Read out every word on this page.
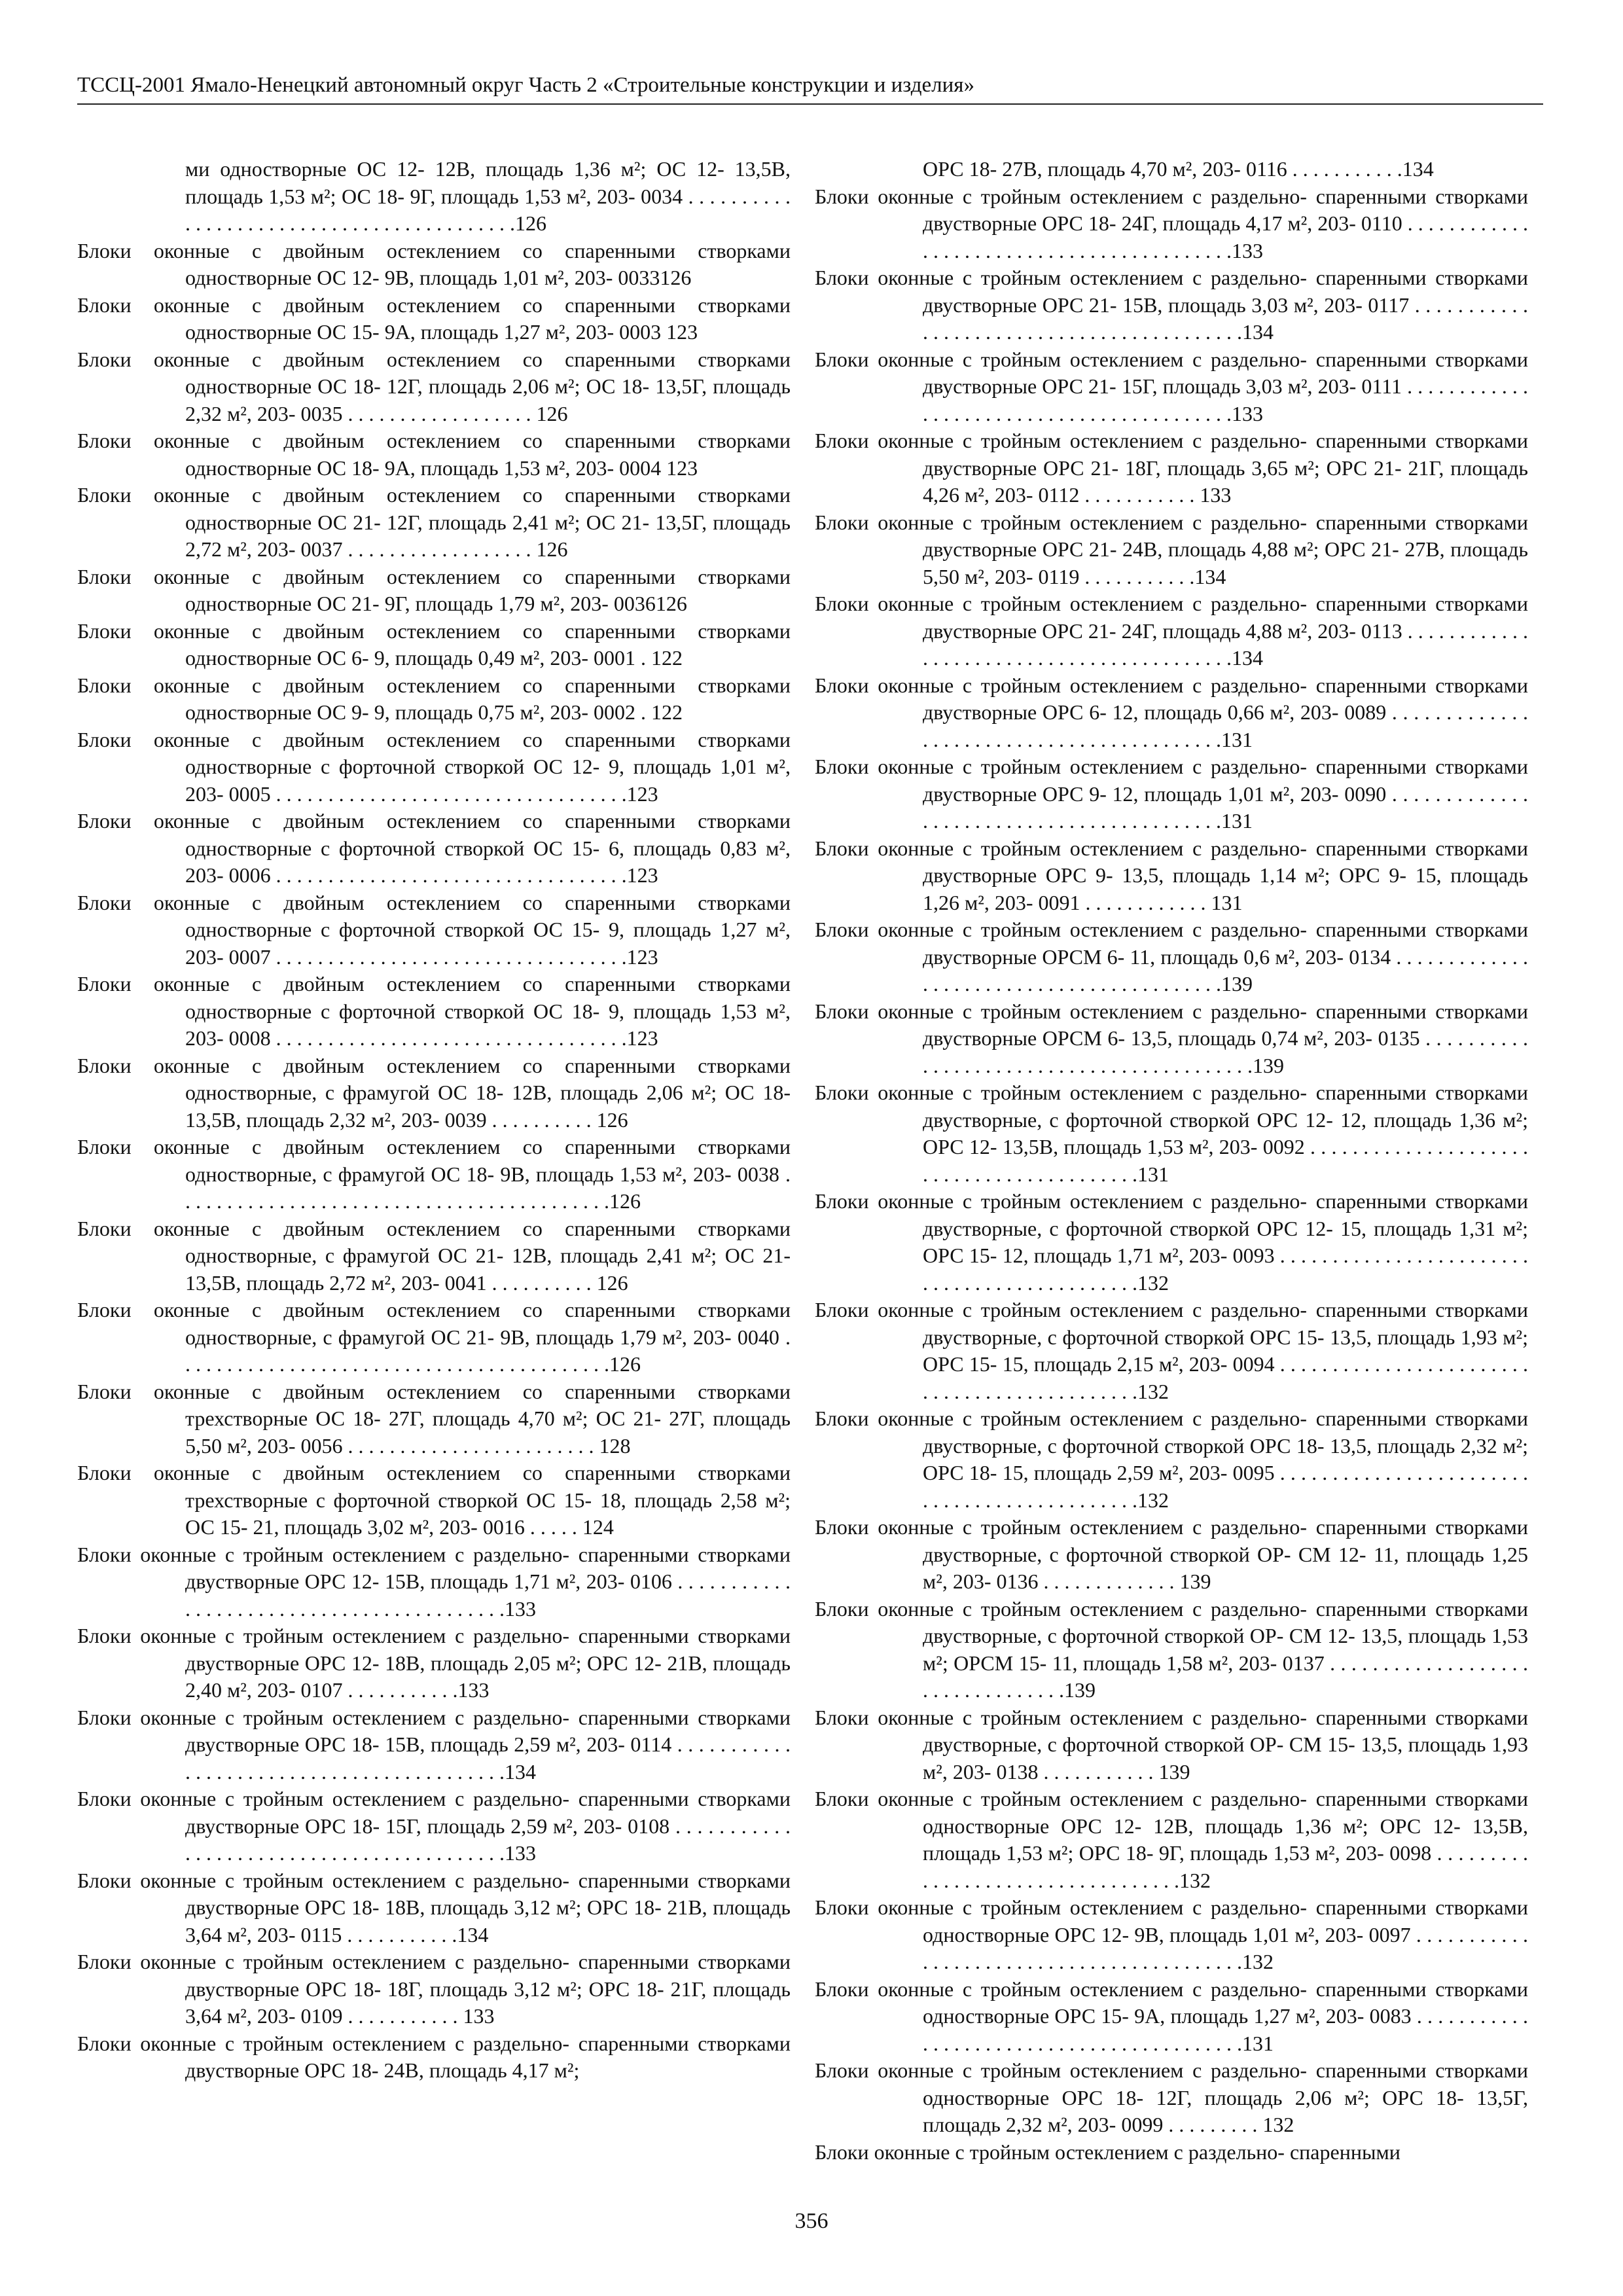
ТССЦ-2001 Ямало-Ненецкий автономный округ Часть 2 «Строительные конструкции и изделия»

ми одностворные ОС 12- 12В, площадь 1,36 м²; ОС 12- 13,5В, площадь 1,53 м²; ОС 18- 9Г, площадь 1,53 м², 203- 0034 . . . . . . . . . . . . . . . . . . . . . . . . . . . . . . . . . . . . . . . . . .126

Блоки оконные с двойным остеклением со спаренными створками одностворные ОС 12- 9В, площадь 1,01 м², 203- 0033126

Блоки оконные с двойным остеклением со спаренными створками одностворные ОС 15- 9А, площадь 1,27 м², 203- 0003 123

Блоки оконные с двойным остеклением со спаренными створками одностворные ОС 18- 12Г, площадь 2,06 м²; ОС 18- 13,5Г, площадь 2,32 м², 203- 0035 . . . . . . . . . . . . . . . . . . 126

Блоки оконные с двойным остеклением со спаренными створками одностворные ОС 18- 9А, площадь 1,53 м², 203- 0004 123

Блоки оконные с двойным остеклением со спаренными створками одностворные ОС 21- 12Г, площадь 2,41 м²; ОС 21- 13,5Г, площадь 2,72 м², 203- 0037 . . . . . . . . . . . . . . . . . . 126

Блоки оконные с двойным остеклением со спаренными створками одностворные ОС 21- 9Г, площадь 1,79 м², 203- 0036126

Блоки оконные с двойным остеклением со спаренными створками одностворные ОС 6- 9, площадь 0,49 м², 203- 0001 . 122

Блоки оконные с двойным остеклением со спаренными створками одностворные ОС 9- 9, площадь 0,75 м², 203- 0002 . 122

Блоки оконные с двойным остеклением со спаренными створками одностворные с форточной створкой ОС 12- 9, площадь 1,01 м², 203- 0005 . . . . . . . . . . . . . . . . . . . . . . . . . . . . . . . . . .123

Блоки оконные с двойным остеклением со спаренными створками одностворные с форточной створкой ОС 15- 6, площадь 0,83 м², 203- 0006 . . . . . . . . . . . . . . . . . . . . . . . . . . . . . . . . . .123

Блоки оконные с двойным остеклением со спаренными створками одностворные с форточной створкой ОС 15- 9, площадь 1,27 м², 203- 0007 . . . . . . . . . . . . . . . . . . . . . . . . . . . . . . . . . .123

Блоки оконные с двойным остеклением со спаренными створками одностворные с форточной створкой ОС 18- 9, площадь 1,53 м², 203- 0008 . . . . . . . . . . . . . . . . . . . . . . . . . . . . . . . . . .123

Блоки оконные с двойным остеклением со спаренными створками одностворные, с фрамугой ОС 18- 12В, площадь 2,06 м²; ОС 18- 13,5В, площадь 2,32 м², 203- 0039 . . . . . . . . . . 126

Блоки оконные с двойным остеклением со спаренными створками одностворные, с фрамугой ОС 18- 9В, площадь 1,53 м², 203- 0038 . . . . . . . . . . . . . . . . . . . . . . . . . . . . . . . . . . . . . . . . . .126

Блоки оконные с двойным остеклением со спаренными створками одностворные, с фрамугой ОС 21- 12В, площадь 2,41 м²; ОС 21- 13,5В, площадь 2,72 м², 203- 0041 . . . . . . . . . . 126

Блоки оконные с двойным остеклением со спаренными створками одностворные, с фрамугой ОС 21- 9В, площадь 1,79 м², 203- 0040 . . . . . . . . . . . . . . . . . . . . . . . . . . . . . . . . . . . . . . . . . .126

Блоки оконные с двойным остеклением со спаренными створками трехстворные ОС 18- 27Г, площадь 4,70 м²; ОС 21- 27Г, площадь 5,50 м², 203- 0056 . . . . . . . . . . . . . . . . . . . . . . . . 128

Блоки оконные с двойным остеклением со спаренными створками трехстворные с форточной створкой ОС 15- 18, площадь 2,58 м²; ОС 15- 21, площадь 3,02 м², 203- 0016 . . . . . 124

Блоки оконные с тройным остеклением с раздельно- спаренными створками двустворные ОРС 12- 15В, площадь 1,71 м², 203- 0106 . . . . . . . . . . . . . . . . . . . . . . . . . . . . . . . . . . . . . . . . . .133

Блоки оконные с тройным остеклением с раздельно- спаренными створками двустворные ОРС 12- 18В, площадь 2,05 м²; ОРС 12- 21В, площадь 2,40 м², 203- 0107 . . . . . . . . . . .133

Блоки оконные с тройным остеклением с раздельно- спаренными створками двустворные ОРС 18- 15В, площадь 2,59 м², 203- 0114 . . . . . . . . . . . . . . . . . . . . . . . . . . . . . . . . . . . . . . . . . .134

Блоки оконные с тройным остеклением с раздельно- спаренными створками двустворные ОРС 18- 15Г, площадь 2,59 м², 203- 0108 . . . . . . . . . . . . . . . . . . . . . . . . . . . . . . . . . . . . . . . . . .133

Блоки оконные с тройным остеклением с раздельно- спаренными створками двустворные ОРС 18- 18В, площадь 3,12 м²; ОРС 18- 21В, площадь 3,64 м², 203- 0115 . . . . . . . . . . .134

Блоки оконные с тройным остеклением с раздельно- спаренными створками двустворные ОРС 18- 18Г, площадь 3,12 м²; ОРС 18- 21Г, площадь 3,64 м², 203- 0109 . . . . . . . . . . . 133

Блоки оконные с тройным остеклением с раздельно- спаренными створками двустворные ОРС 18- 24В, площадь 4,17 м²;

ОРС 18- 27В, площадь 4,70 м², 203- 0116 . . . . . . . . . . .134

Блоки оконные с тройным остеклением с раздельно- спаренными створками двустворные ОРС 18- 24Г, площадь 4,17 м², 203- 0110 . . . . . . . . . . . . . . . . . . . . . . . . . . . . . . . . . . . . . . . . . .133

Блоки оконные с тройным остеклением с раздельно- спаренными створками двустворные ОРС 21- 15В, площадь 3,03 м², 203- 0117 . . . . . . . . . . . . . . . . . . . . . . . . . . . . . . . . . . . . . . . . . .134

Блоки оконные с тройным остеклением с раздельно- спаренными створками двустворные ОРС 21- 15Г, площадь 3,03 м², 203- 0111 . . . . . . . . . . . . . . . . . . . . . . . . . . . . . . . . . . . . . . . . . .133

Блоки оконные с тройным остеклением с раздельно- спаренными створками двустворные ОРС 21- 18Г, площадь 3,65 м²; ОРС 21- 21Г, площадь 4,26 м², 203- 0112 . . . . . . . . . . . 133

Блоки оконные с тройным остеклением с раздельно- спаренными створками двустворные ОРС 21- 24В, площадь 4,88 м²; ОРС 21- 27В, площадь 5,50 м², 203- 0119 . . . . . . . . . . .134

Блоки оконные с тройным остеклением с раздельно- спаренными створками двустворные ОРС 21- 24Г, площадь 4,88 м², 203- 0113 . . . . . . . . . . . . . . . . . . . . . . . . . . . . . . . . . . . . . . . . . .134

Блоки оконные с тройным остеклением с раздельно- спаренными створками двустворные ОРС 6- 12, площадь 0,66 м², 203- 0089 . . . . . . . . . . . . . . . . . . . . . . . . . . . . . . . . . . . . . . . . . .131

Блоки оконные с тройным остеклением с раздельно- спаренными створками двустворные ОРС 9- 12, площадь 1,01 м², 203- 0090 . . . . . . . . . . . . . . . . . . . . . . . . . . . . . . . . . . . . . . . . . .131

Блоки оконные с тройным остеклением с раздельно- спаренными створками двустворные ОРС 9- 13,5, площадь 1,14 м²; ОРС 9- 15, площадь 1,26 м², 203- 0091 . . . . . . . . . . . . 131

Блоки оконные с тройным остеклением с раздельно- спаренными створками двустворные ОРСМ 6- 11, площадь 0,6 м², 203- 0134 . . . . . . . . . . . . . . . . . . . . . . . . . . . . . . . . . . . . . . . . . .139

Блоки оконные с тройным остеклением с раздельно- спаренными створками двустворные ОРСМ 6- 13,5, площадь 0,74 м², 203- 0135 . . . . . . . . . . . . . . . . . . . . . . . . . . . . . . . . . . . . . . . . . .139

Блоки оконные с тройным остеклением с раздельно- спаренными створками двустворные, с форточной створкой ОРС 12- 12, площадь 1,36 м²; ОРС 12- 13,5В, площадь 1,53 м², 203- 0092 . . . . . . . . . . . . . . . . . . . . . . . . . . . . . . . . . . . . . . . . . .131

Блоки оконные с тройным остеклением с раздельно- спаренными створками двустворные, с форточной створкой ОРС 12- 15, площадь 1,31 м²; ОРС 15- 12, площадь 1,71 м², 203- 0093 . . . . . . . . . . . . . . . . . . . . . . . . . . . . . . . . . . . . . . . . . . . . .132

Блоки оконные с тройным остеклением с раздельно- спаренными створками двустворные, с форточной створкой ОРС 15- 13,5, площадь 1,93 м²; ОРС 15- 15, площадь 2,15 м², 203- 0094 . . . . . . . . . . . . . . . . . . . . . . . . . . . . . . . . . . . . . . . . . . . . .132

Блоки оконные с тройным остеклением с раздельно- спаренными створками двустворные, с форточной створкой ОРС 18- 13,5, площадь 2,32 м²; ОРС 18- 15, площадь 2,59 м², 203- 0095 . . . . . . . . . . . . . . . . . . . . . . . . . . . . . . . . . . . . . . . . . . . . .132

Блоки оконные с тройным остеклением с раздельно- спаренными створками двустворные, с форточной створкой ОР- СМ 12- 11, площадь 1,25 м², 203- 0136 . . . . . . . . . . . . . 139

Блоки оконные с тройным остеклением с раздельно- спаренными створками двустворные, с форточной створкой ОР- СМ 12- 13,5, площадь 1,53 м²; ОРСМ 15- 11, площадь 1,58 м², 203- 0137 . . . . . . . . . . . . . . . . . . . . . . . . . . . . . . . . .139

Блоки оконные с тройным остеклением с раздельно- спаренными створками двустворные, с форточной створкой ОР- СМ 15- 13,5, площадь 1,93 м², 203- 0138 . . . . . . . . . . . 139

Блоки оконные с тройным остеклением с раздельно- спаренными створками одностворные ОРС 12- 12В, площадь 1,36 м²; ОРС 12- 13,5В, площадь 1,53 м²; ОРС 18- 9Г, площадь 1,53 м², 203- 0098 . . . . . . . . . . . . . . . . . . . . . . . . . . . . . . . . . .132

Блоки оконные с тройным остеклением с раздельно- спаренными створками одностворные ОРС 12- 9В, площадь 1,01 м², 203- 0097 . . . . . . . . . . . . . . . . . . . . . . . . . . . . . . . . . . . . . . . . . .132

Блоки оконные с тройным остеклением с раздельно- спаренными створками одностворные ОРС 15- 9А, площадь 1,27 м², 203- 0083 . . . . . . . . . . . . . . . . . . . . . . . . . . . . . . . . . . . . . . . . . .131

Блоки оконные с тройным остеклением с раздельно- спаренными створками одностворные ОРС 18- 12Г, площадь 2,06 м²; ОРС 18- 13,5Г, площадь 2,32 м², 203- 0099 . . . . . . . . . 132

Блоки оконные с тройным остеклением с раздельно- спаренными

356
